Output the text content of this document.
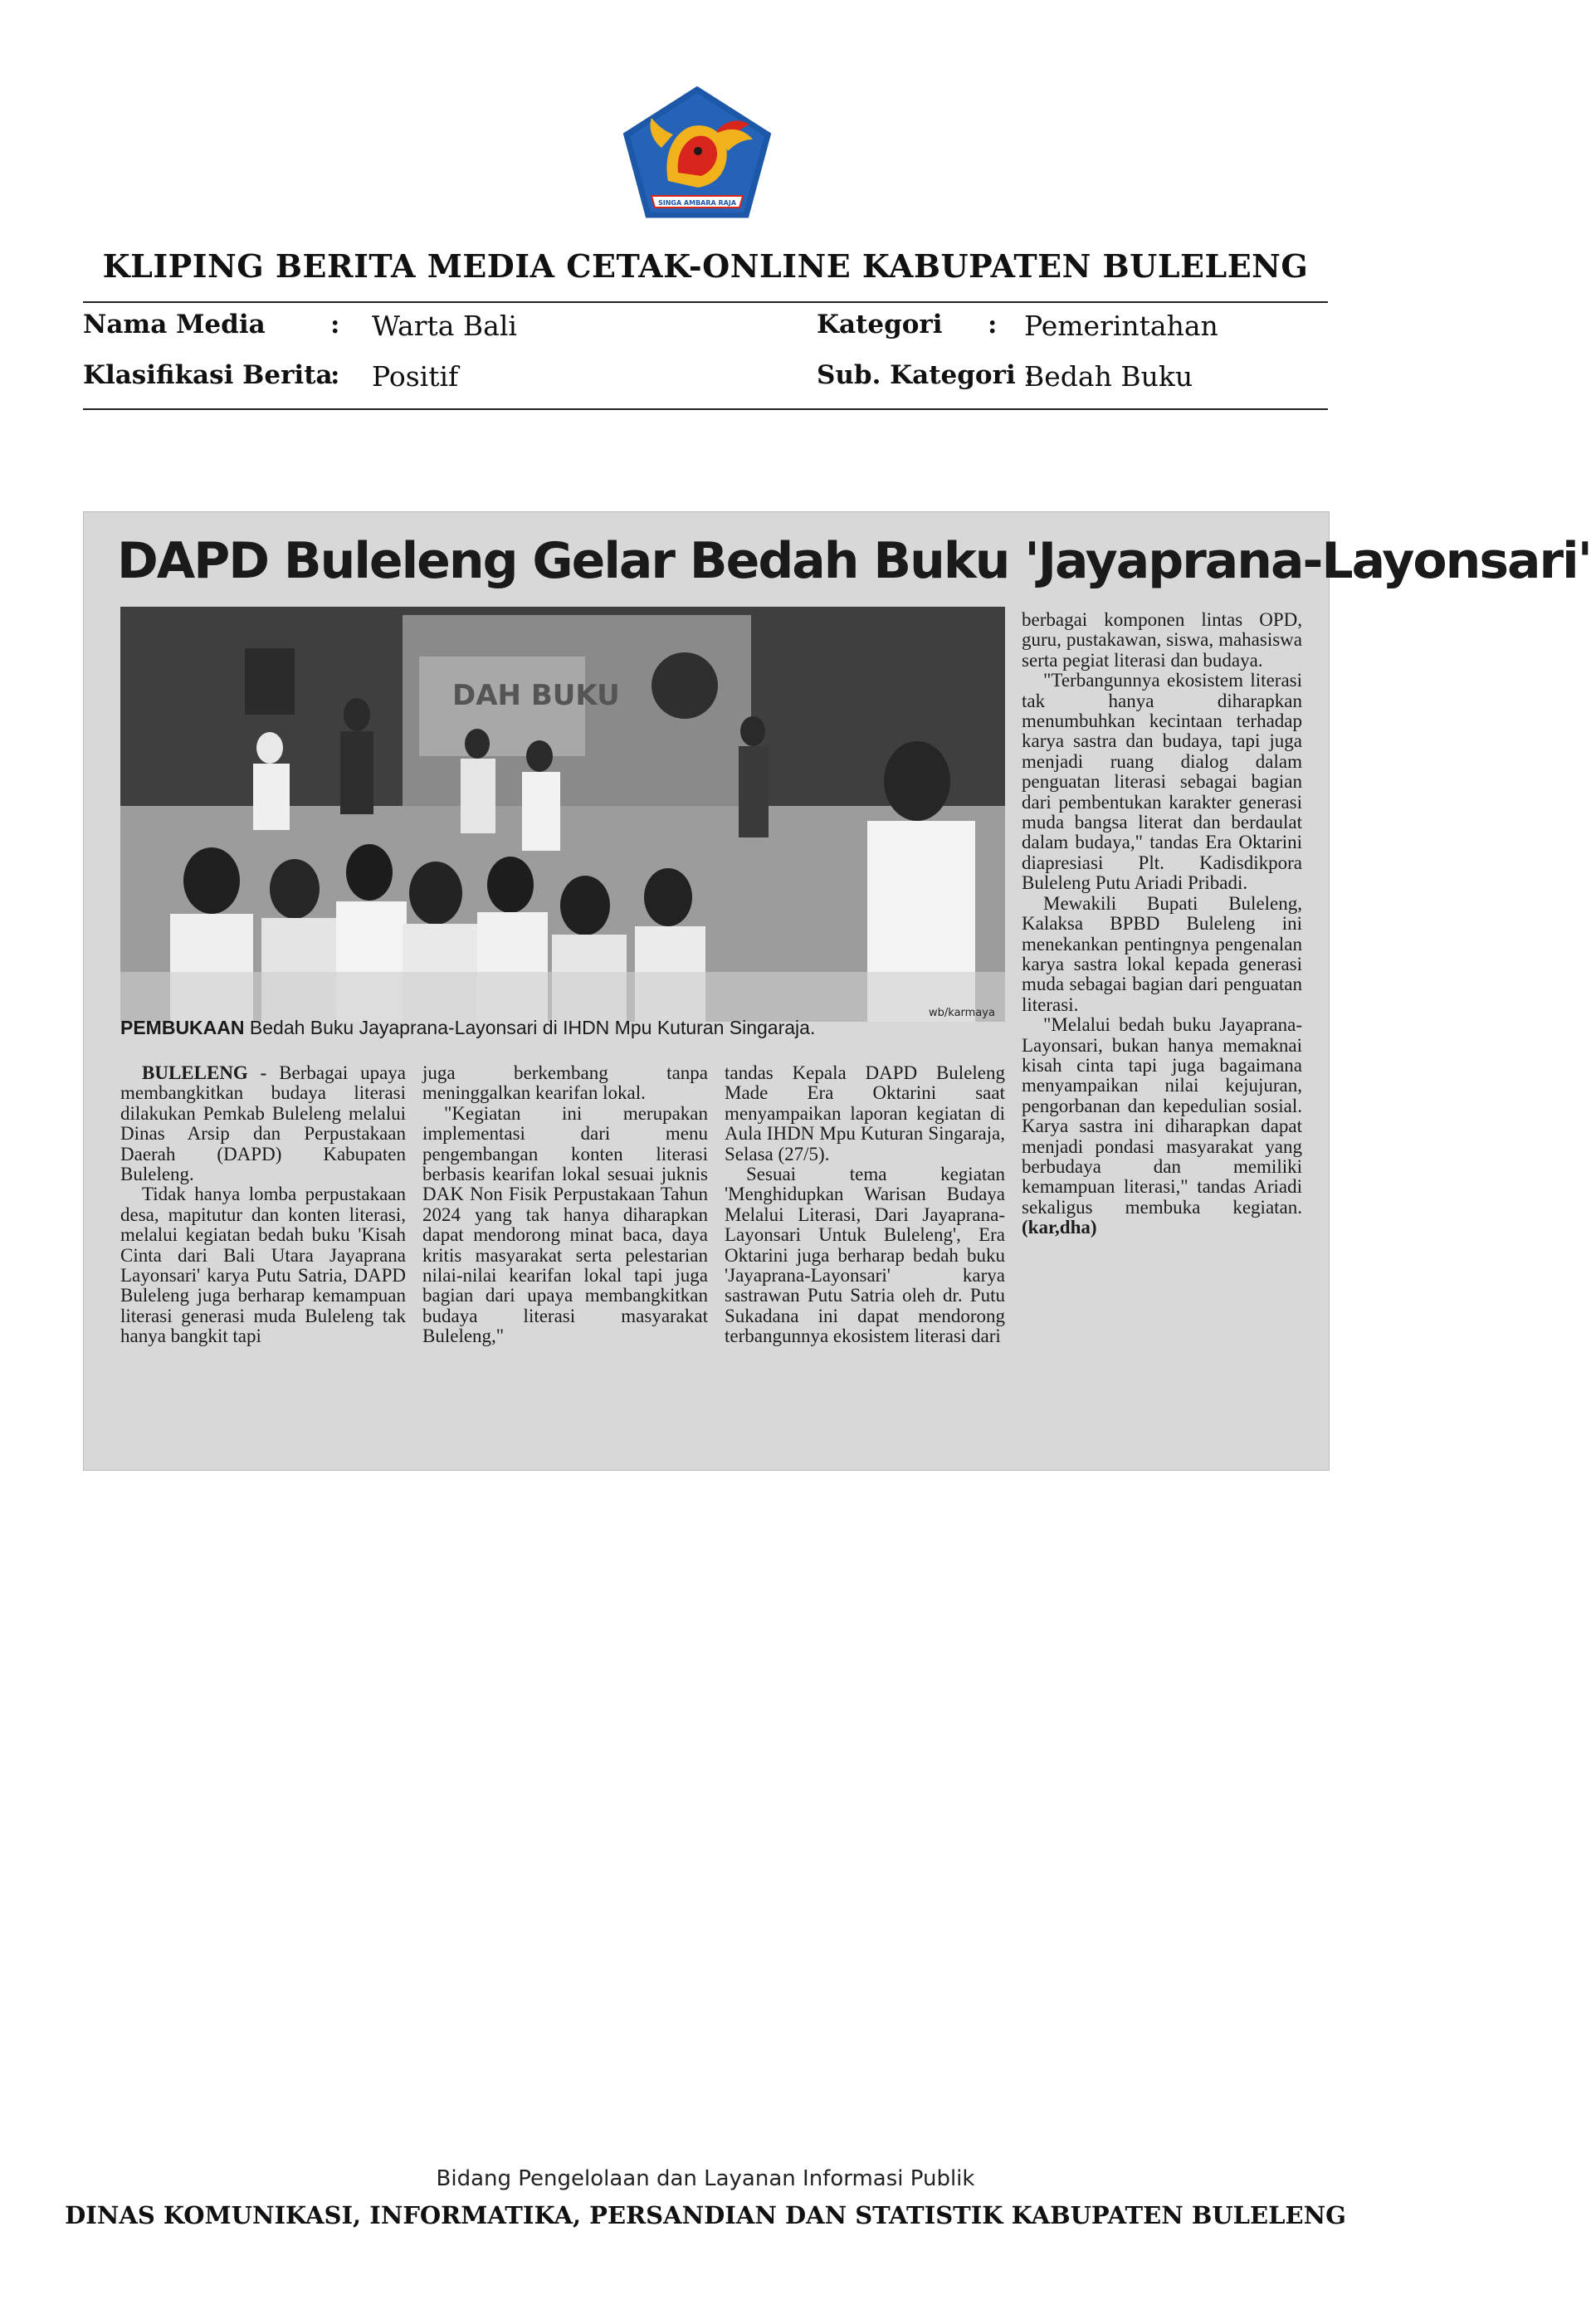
SINGA AMBARA RAJA
KLIPING BERITA MEDIA CETAK-ONLINE KABUPATEN BULELENG
Nama Media	: Warta Bali
Klasifikasi Berita
: Positif
Kategori : Pemerintahan
Sub. Kategori :
Bedah Buku
DAPD Buleleng Gelar Bedah Buku 'Jayaprana-Layonsari'
DAH BUKU
wb/karmaya
PEMBUKAAN Bedah Buku Jayaprana-Layonsari di IHDN Mpu Kuturan Singaraja.

BULELENG - Berbagai upaya membangkitkan budaya literasi dilakukan Pemkab Buleleng melalui Dinas Arsip dan Perpustakaan Daerah (DAPD) Kabupaten Buleleng.

Tidak hanya lomba perpustakaan desa, mapitutur dan konten literasi, melalui kegiatan bedah buku 'Kisah Cinta dari Bali Utara Jayaprana Layonsari' karya Putu Satria, DAPD Buleleng juga berharap kemampuan literasi generasi muda Buleleng tak hanya bangkit tapi

juga berkembang tanpa meninggalkan kearifan lokal.

"Kegiatan ini merupakan implementasi dari menu pengembangan konten literasi berbasis kearifan lokal sesuai juknis DAK Non Fisik Perpustakaan Tahun 2024 yang tak hanya diharapkan dapat mendorong minat baca, daya kritis masyarakat serta pelestarian nilai-nilai kearifan lokal tapi juga bagian dari upaya membangkitkan budaya literasi masyarakat Buleleng,"

tandas Kepala DAPD Buleleng Made Era Oktarini saat menyampaikan laporan kegiatan di Aula IHDN Mpu Kuturan Singaraja, Selasa (27/5).

Sesuai tema kegiatan 'Menghidupkan Warisan Budaya Melalui Literasi, Dari Jayaprana-Layonsari Untuk Buleleng', Era Oktarini juga berharap bedah buku 'Jayaprana-Layonsari' karya sastrawan Putu Satria oleh dr. Putu Sukadana ini dapat mendorong terbangunnya ekosistem literasi dari

berbagai komponen lintas OPD, guru, pustakawan, siswa, mahasiswa serta pegiat literasi dan budaya.

"Terbangunnya ekosistem literasi tak hanya diharapkan menumbuhkan kecintaan terhadap karya sastra dan budaya, tapi juga menjadi ruang dialog dalam penguatan literasi sebagai bagian dari pembentukan karakter generasi muda bangsa literat dan berdaulat dalam budaya," tandas Era Oktarini diapresiasi Plt. Kadisdikpora Buleleng Putu Ariadi Pribadi.

Mewakili Bupati Buleleng, Kalaksa BPBD Buleleng ini menekankan pentingnya pengenalan karya sastra lokal kepada generasi muda sebagai bagian dari penguatan literasi.

"Melalui bedah buku Jayaprana-Layonsari, bukan hanya memaknai kisah cinta tapi juga bagaimana menyampaikan nilai kejujuran, pengorbanan dan kepedulian sosial. Karya sastra ini diharapkan dapat menjadi pondasi masyarakat yang berbudaya dan memiliki kemampuan literasi," tandas Ariadi sekaligus membuka kegiatan. (kar,dha)

Bidang Pengelolaan dan Layanan Informasi Publik
DINAS KOMUNIKASI, INFORMATIKA, PERSANDIAN DAN STATISTIK KABUPATEN BULELENG
